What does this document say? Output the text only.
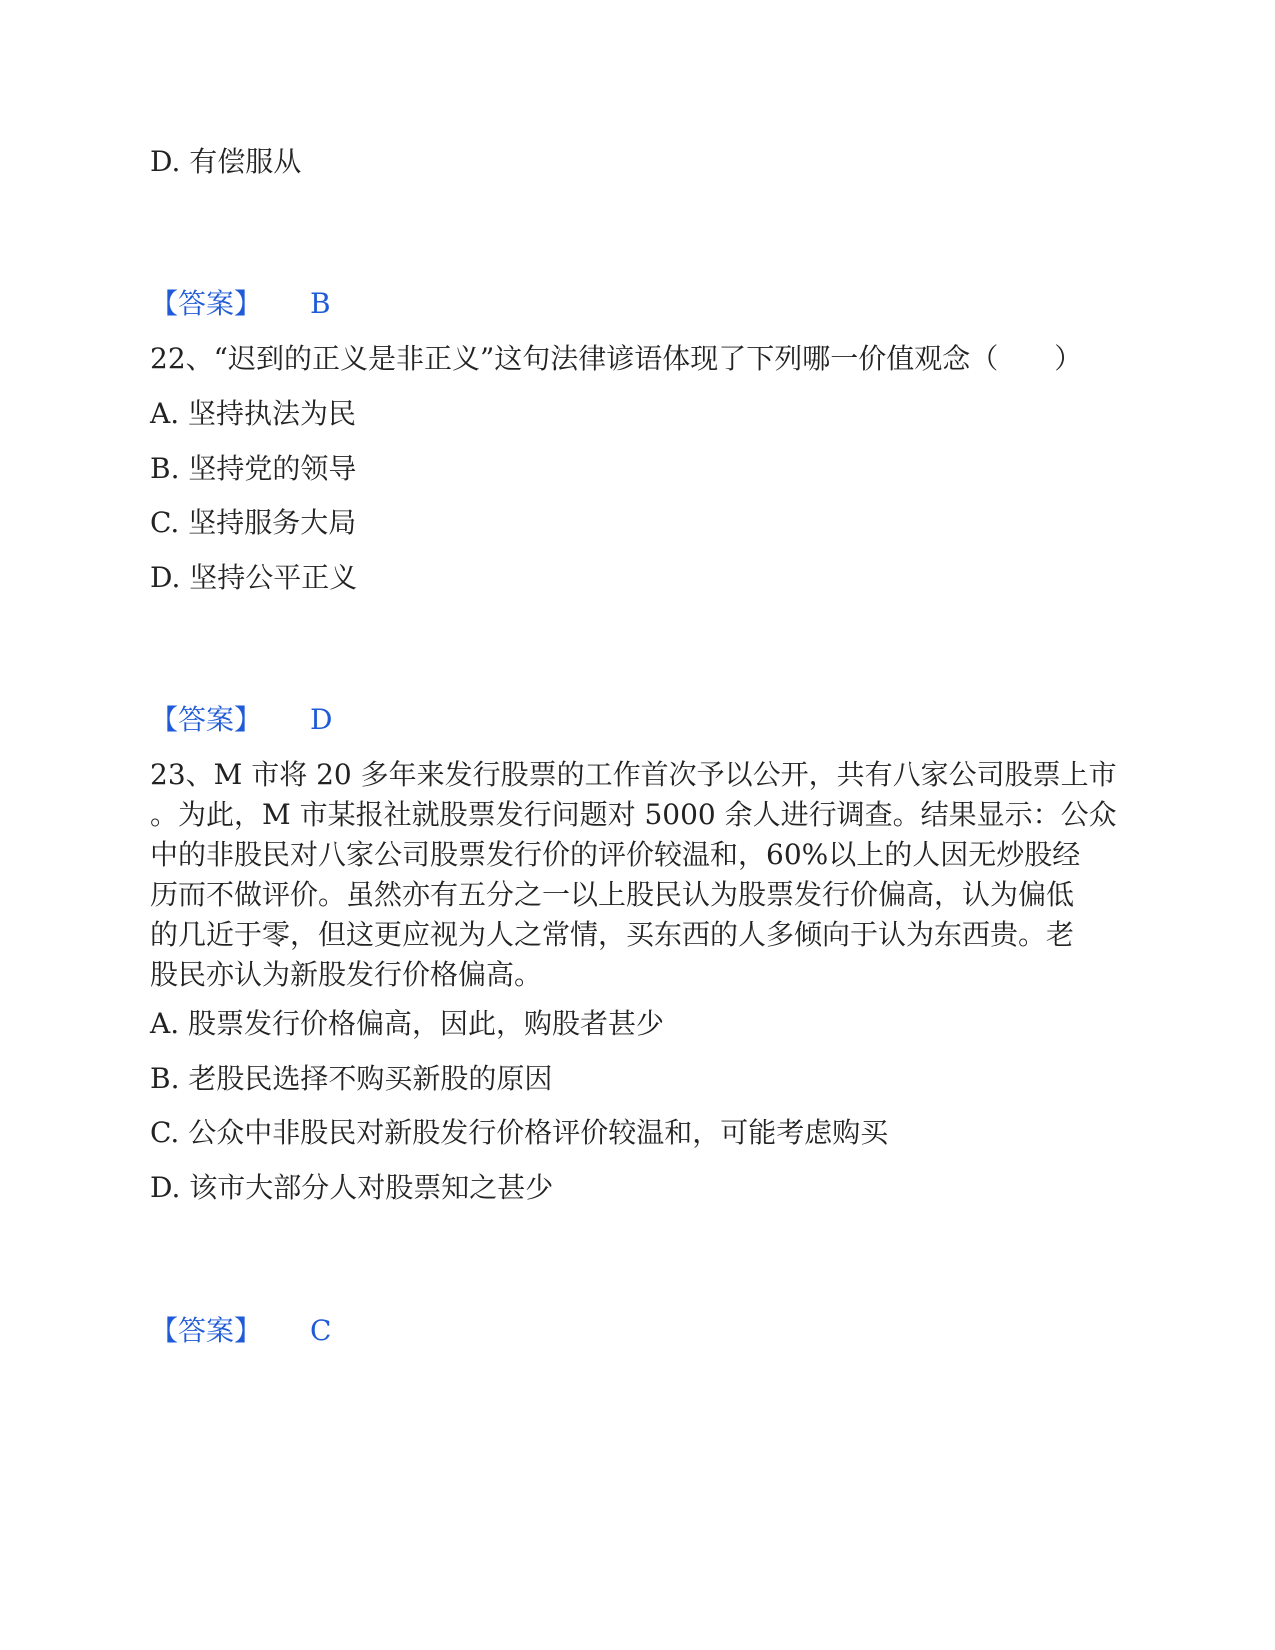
D. 有偿服从
【答案】 B
22、“迟到的正义是非正义”这句法律谚语体现了下列哪一价值观念（　　）
A. 坚持执法为民
B. 坚持党的领导
C. 坚持服务大局
D. 坚持公平正义
【答案】 D
23、M 市将 20 多年来发行股票的工作首次予以公开，共有八家公司股票上市
。为此，M 市某报社就股票发行问题对 5000 余人进行调查。结果显示：公众
中的非股民对八家公司股票发行价的评价较温和，60%以上的人因无炒股经
历而不做评价。虽然亦有五分之一以上股民认为股票发行价偏高，认为偏低
的几近于零，但这更应视为人之常情，买东西的人多倾向于认为东西贵。老
股民亦认为新股发行价格偏高。
A. 股票发行价格偏高，因此，购股者甚少
B. 老股民选择不购买新股的原因
C. 公众中非股民对新股发行价格评价较温和，可能考虑购买
D. 该市大部分人对股票知之甚少
【答案】 C
